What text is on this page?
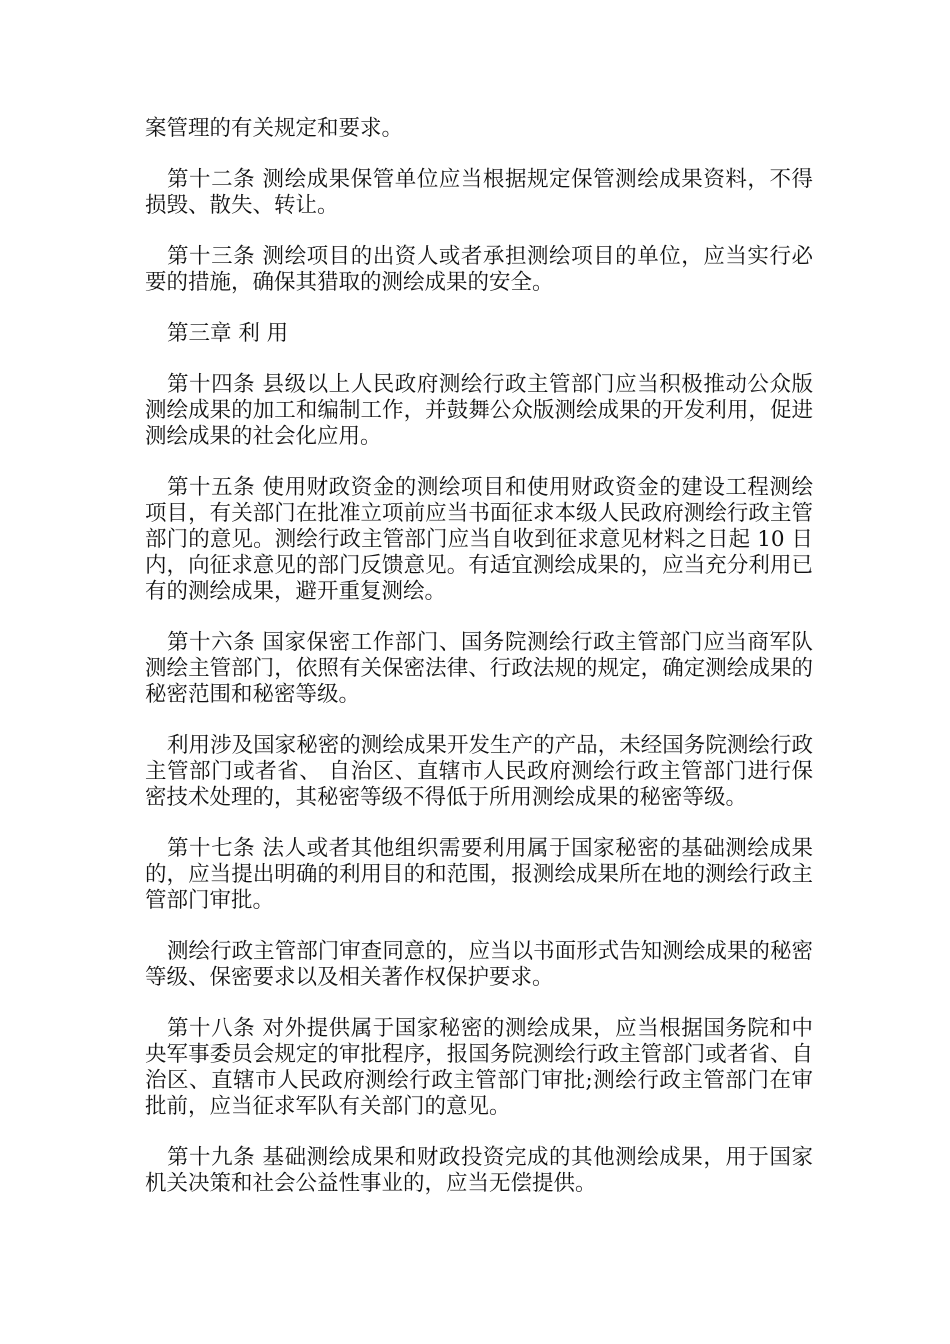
案管理的有关规定和要求。

第十二条 测绘成果保管单位应当根据规定保管测绘成果资料，不得损毁、散失、转让。

第十三条 测绘项目的出资人或者承担测绘项目的单位，应当实行必要的措施，确保其猎取的测绘成果的安全。

第三章 利 用

第十四条 县级以上人民政府测绘行政主管部门应当积极推动公众版测绘成果的加工和编制工作，并鼓舞公众版测绘成果的开发利用，促进测绘成果的社会化应用。

第十五条 使用财政资金的测绘项目和使用财政资金的建设工程测绘项目，有关部门在批准立项前应当书面征求本级人民政府测绘行政主管部门的意见。测绘行政主管部门应当自收到征求意见材料之日起 10 日内，向征求意见的部门反馈意见。有适宜测绘成果的，应当充分利用已有的测绘成果，避开重复测绘。

第十六条 国家保密工作部门、国务院测绘行政主管部门应当商军队测绘主管部门，依照有关保密法律、行政法规的规定，确定测绘成果的秘密范围和秘密等级。

利用涉及国家秘密的测绘成果开发生产的产品，未经国务院测绘行政主管部门或者省、 自治区、直辖市人民政府测绘行政主管部门进行保密技术处理的，其秘密等级不得低于所用测绘成果的秘密等级。

第十七条 法人或者其他组织需要利用属于国家秘密的基础测绘成果的，应当提出明确的利用目的和范围，报测绘成果所在地的测绘行政主管部门审批。

测绘行政主管部门审查同意的，应当以书面形式告知测绘成果的秘密等级、保密要求以及相关著作权保护要求。

第十八条 对外提供属于国家秘密的测绘成果，应当根据国务院和中央军事委员会规定的审批程序，报国务院测绘行政主管部门或者省、自治区、直辖市人民政府测绘行政主管部门审批;测绘行政主管部门在审批前，应当征求军队有关部门的意见。

第十九条 基础测绘成果和财政投资完成的其他测绘成果，用于国家机关决策和社会公益性事业的，应当无偿提供。
